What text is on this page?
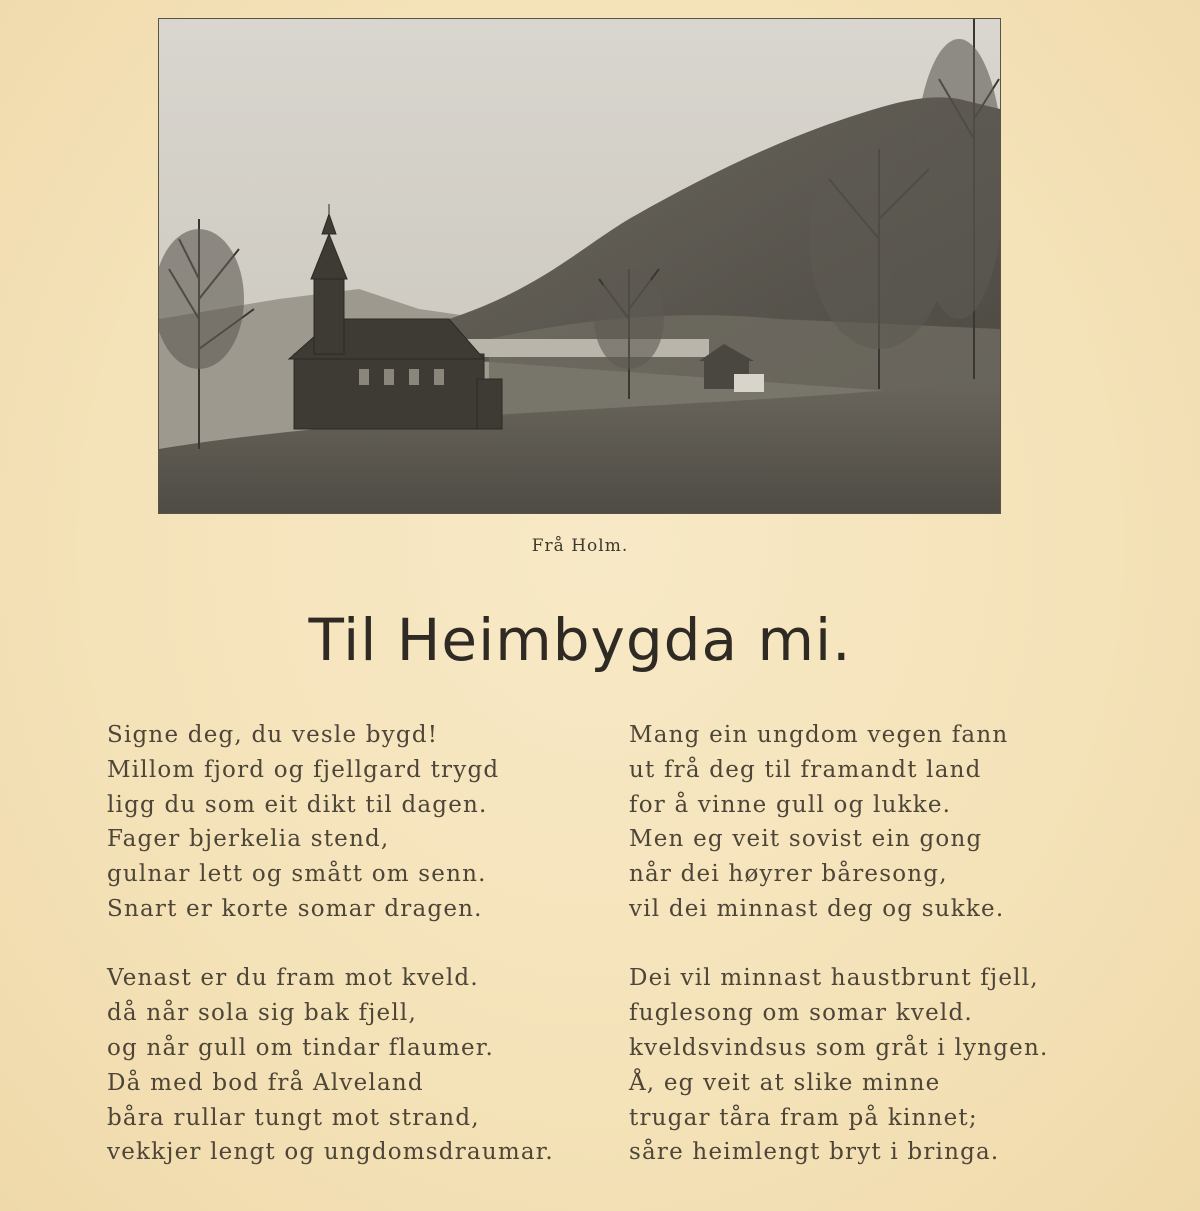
Frå Holm.
Til Heimbygda mi.
Signe deg, du vesle bygd!
Millom fjord og fjellgard trygd
ligg du som eit dikt til dagen.
Fager bjerkelia stend,
gulnar lett og smått om senn.
Snart er korte somar dragen.
Venast er du fram mot kveld.
då når sola sig bak fjell,
og når gull om tindar flaumer.
Då med bod frå Alveland
båra rullar tungt mot strand,
vekkjer lengt og ungdomsdraumar.
Mang ein ungdom vegen fann
ut frå deg til framandt land
for å vinne gull og lukke.
Men eg veit sovist ein gong
når dei høyrer båresong,
vil dei minnast deg og sukke.
Dei vil minnast haustbrunt fjell,
fuglesong om somar kveld.
kveldsvindsus som gråt i lyngen.
Å, eg veit at slike minne
trugar tåra fram på kinnet;
såre heimlengt bryt i bringa.
